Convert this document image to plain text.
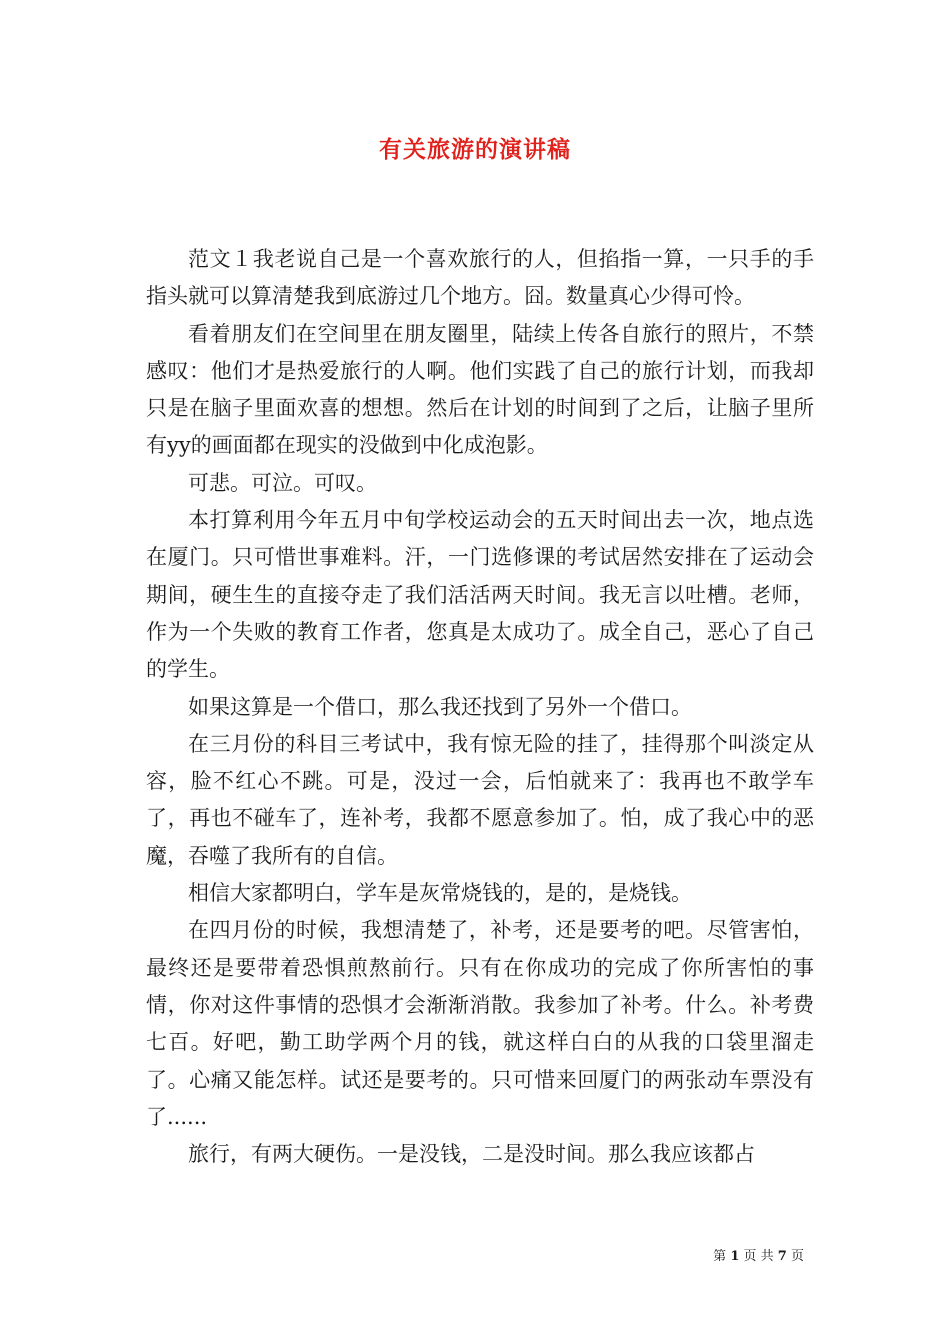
有关旅游的演讲稿

范文１我老说自己是一个喜欢旅行的人，但掐指一算，一只手的手指头就可以算清楚我到底游过几个地方。囧。数量真心少得可怜。

看着朋友们在空间里在朋友圈里，陆续上传各自旅行的照片，不禁感叹：他们才是热爱旅行的人啊。他们实践了自己的旅行计划，而我却只是在脑子里面欢喜的想想。然后在计划的时间到了之后，让脑子里所有yy的画面都在现实的没做到中化成泡影。

可悲。可泣。可叹。

本打算利用今年五月中旬学校运动会的五天时间出去一次，地点选在厦门。只可惜世事难料。汗，一门选修课的考试居然安排在了运动会期间，硬生生的直接夺走了我们活活两天时间。我无言以吐槽。老师，作为一个失败的教育工作者，您真是太成功了。成全自己，恶心了自己的学生。

如果这算是一个借口，那么我还找到了另外一个借口。

在三月份的科目三考试中，我有惊无险的挂了，挂得那个叫淡定从容，脸不红心不跳。可是，没过一会，后怕就来了：我再也不敢学车了，再也不碰车了，连补考，我都不愿意参加了。怕，成了我心中的恶魔，吞噬了我所有的自信。

相信大家都明白，学车是灰常烧钱的，是的，是烧钱。

在四月份的时候，我想清楚了，补考，还是要考的吧。尽管害怕，最终还是要带着恐惧煎熬前行。只有在你成功的完成了你所害怕的事情，你对这件事情的恐惧才会渐渐消散。我参加了补考。什么。补考费七百。好吧，勤工助学两个月的钱，就这样白白的从我的口袋里溜走了。心痛又能怎样。试还是要考的。只可惜来回厦门的两张动车票没有了......

旅行，有两大硬伤。一是没钱，二是没时间。那么我应该都占

第 1 页 共 7 页
